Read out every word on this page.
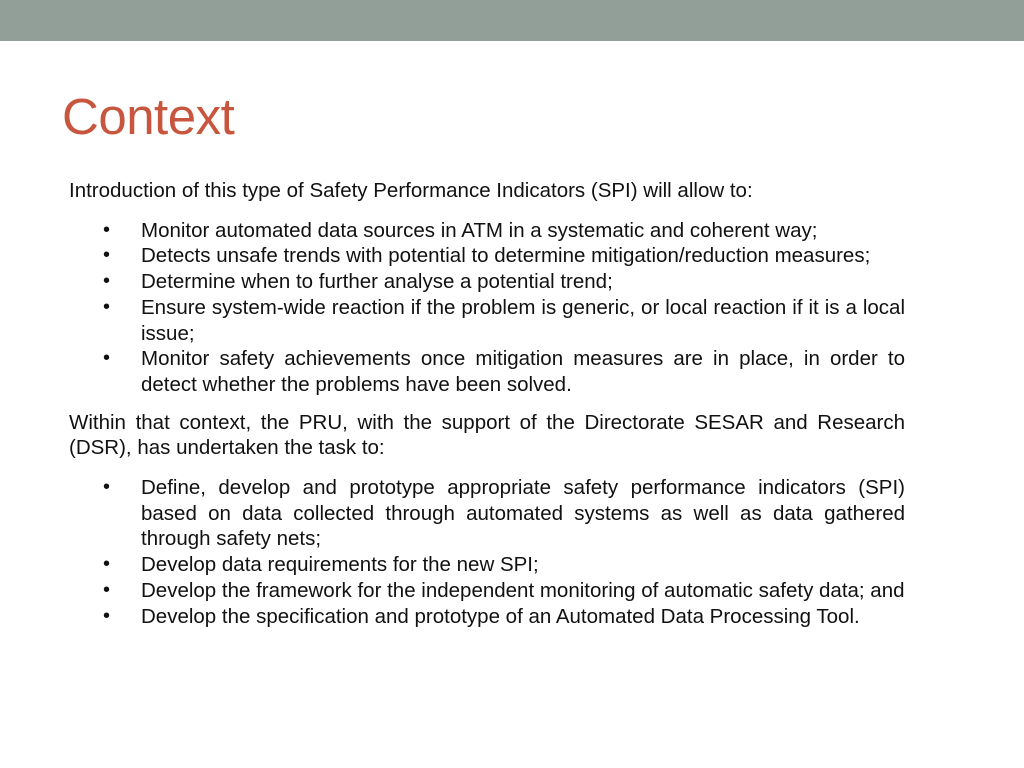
Context

Introduction of this type of Safety Performance Indicators (SPI) will allow to:

• Monitor automated data sources in ATM in a systematic and coherent way;
• Detects unsafe trends with potential to determine mitigation/reduction measures;
• Determine when to further analyse a potential trend;
• Ensure system-wide reaction if the problem is generic, or local reaction if it is a local issue;
• Monitor safety achievements once mitigation measures are in place, in order to detect whether the problems have been solved.

Within that context, the PRU, with the support of the Directorate SESAR and Research (DSR), has undertaken the task to:

• Define, develop and prototype appropriate safety performance indicators (SPI) based on data collected through automated systems as well as data gathered through safety nets;
• Develop data requirements for the new SPI;
• Develop the framework for the independent monitoring of automatic safety data; and
• Develop the specification and prototype of an Automated Data Processing Tool.
